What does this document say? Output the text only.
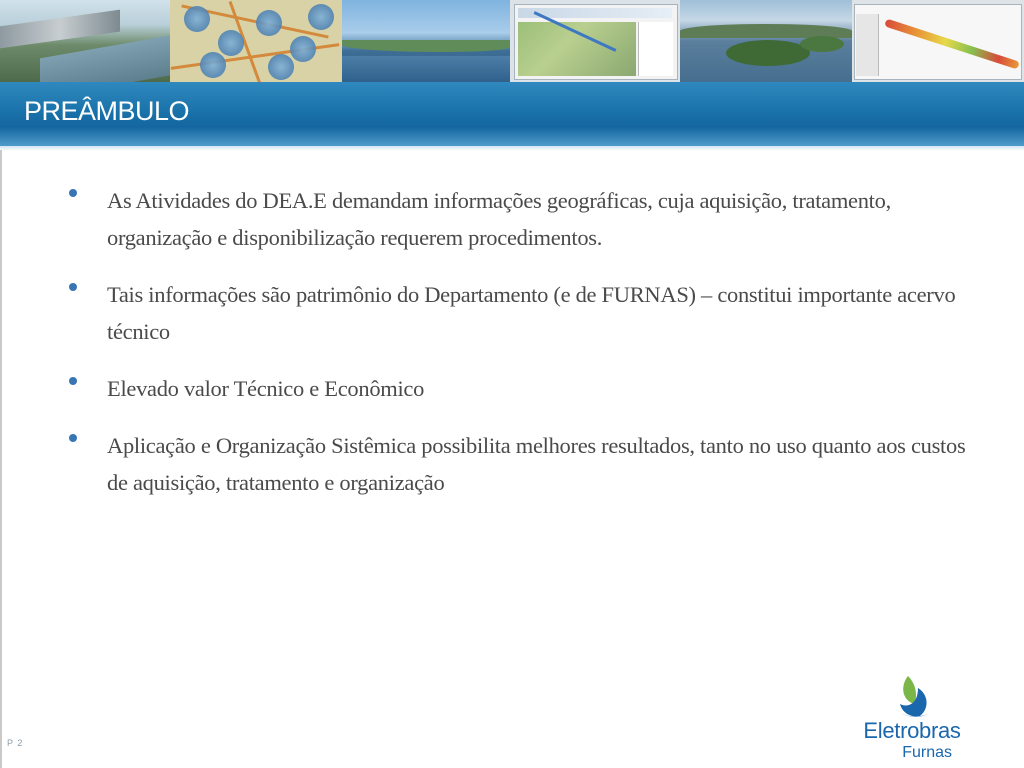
PREÂMBULO
As Atividades do DEA.E demandam informações geográficas, cuja aquisição, tratamento, organização e disponibilização requerem procedimentos.
Tais informações são patrimônio do Departamento (e de FURNAS) – constitui importante acervo técnico
Elevado valor Técnico e Econômico
Aplicação e Organização Sistêmica possibilita melhores resultados, tanto no uso quanto aos custos de aquisição, tratamento e organização
P 2	Eletrobras
Furnas
